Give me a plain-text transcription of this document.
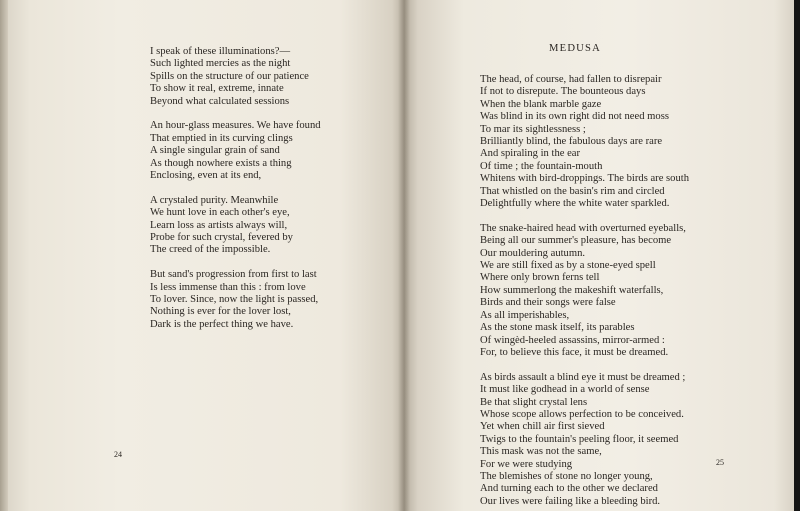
I speak of these illuminations?—
Such lighted mercies as the night
Spills on the structure of our patience
To show it real, extreme, innate
Beyond what calculated sessions

An hour-glass measures. We have found
That emptied in its curving clings
A single singular grain of sand
As though nowhere exists a thing
Enclosing, even at its end,

A crystaled purity. Meanwhile
We hunt love in each other's eye,
Learn loss as artists always will,
Probe for such crystal, fevered by
The creed of the impossible.

But sand's progression from first to last
Is less immense than this : from love
To lover. Since, now the light is passed,
Nothing is ever for the lover lost,
Dark is the perfect thing we have.

24
MEDUSA

The head, of course, had fallen to disrepair
If not to disrepute. The bounteous days
When the blank marble gaze
Was blind in its own right did not need moss
To mar its sightlessness ;
Brilliantly blind, the fabulous days are rare
And spiraling in the ear
Of time ; the fountain-mouth
Whitens with bird-droppings. The birds are south
That whistled on the basin's rim and circled
Delightfully where the white water sparkled.

The snake-haired head with overturned eyeballs,
Being all our summer's pleasure, has become
Our mouldering autumn.
We are still fixed as by a stone-eyed spell
Where only brown ferns tell
How summerlong the makeshift waterfalls,
Birds and their songs were false
As all imperishables,
As the stone mask itself, its parables
Of wingèd-heeled assassins, mirror-armed :
For, to believe this face, it must be dreamed.

As birds assault a blind eye it must be dreamed ;
It must like godhead in a world of sense
Be that slight crystal lens
Whose scope allows perfection to be conceived.
Yet when chill air first sieved
Twigs to the fountain's peeling floor, it seemed
This mask was not the same,
For we were studying
The blemishes of stone no longer young,
And turning each to the other we declared
Our lives were failing like a bleeding bird.

25
